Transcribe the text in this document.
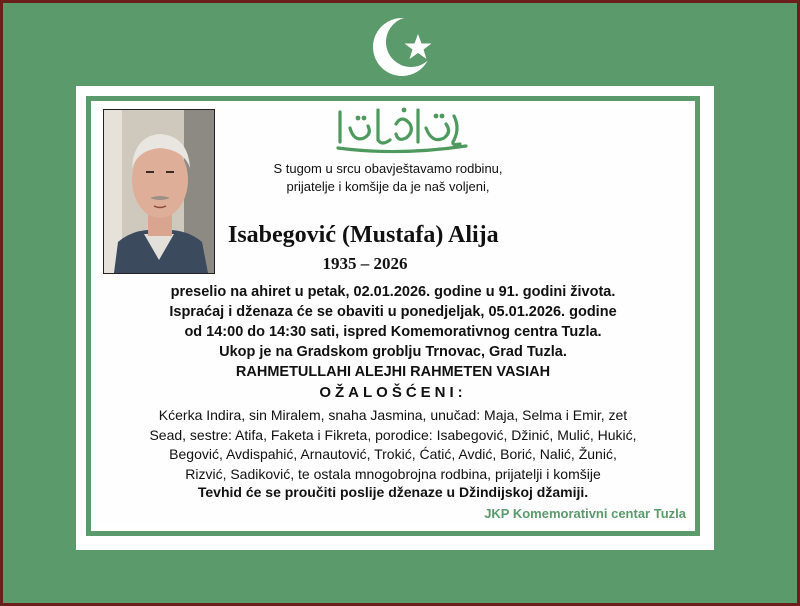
S tugom u srcu obavještavamo rodbinu,
prijatelje i komšije da je naš voljeni,
Isabegović (Mustafa) Alija
1935 – 2026
preselio na ahiret u petak, 02.01.2026. godine u 91. godini života.
Ispraćaj i dženaza će se obaviti u ponedjeljak, 05.01.2026. godine
od 14:00 do 14:30 sati, ispred Komemorativnog centra Tuzla.
Ukop je na Gradskom groblju Trnovac, Grad Tuzla.
RAHMETULLAHI ALEJHI RAHMETEN VASIAH
OŽALOŠĆENI:
Kćerka Indira, sin Miralem, snaha Jasmina, unučad: Maja, Selma i Emir, zet
Sead, sestre: Atifa, Faketa i Fikreta, porodice: Isabegović, Džinić, Mulić, Hukić,
Begović, Avdispahić, Arnautović, Trokić, Ćatić, Avdić, Borić, Nalić, Žunić,
Rizvić, Sadiković, te ostala mnogobrojna rodbina, prijatelji i komšije
Tevhid će se proučiti poslije dženaze u Džindijskoj džamiji.
JKP Komemorativni centar Tuzla
